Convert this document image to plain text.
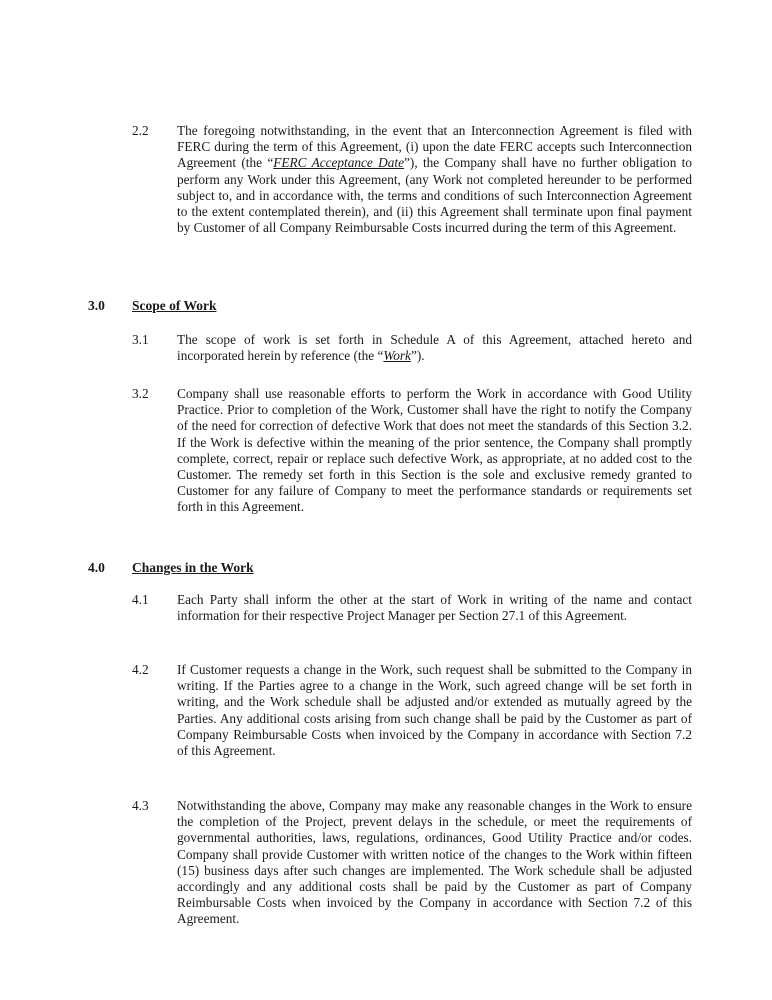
2.2	The foregoing notwithstanding, in the event that an Interconnection Agreement is filed with FERC during the term of this Agreement, (i) upon the date FERC accepts such Interconnection Agreement (the “FERC Acceptance Date”), the Company shall have no further obligation to perform any Work under this Agreement, (any Work not completed hereunder to be performed subject to, and in accordance with, the terms and conditions of such Interconnection Agreement to the extent contemplated therein), and (ii) this Agreement shall terminate upon final payment by Customer of all Company Reimbursable Costs incurred during the term of this Agreement.
3.0 Scope of Work
3.1	The scope of work is set forth in Schedule A of this Agreement, attached hereto and incorporated herein by reference (the “Work”).
3.2	Company shall use reasonable efforts to perform the Work in accordance with Good Utility Practice. Prior to completion of the Work, Customer shall have the right to notify the Company of the need for correction of defective Work that does not meet the standards of this Section 3.2. If the Work is defective within the meaning of the prior sentence, the Company shall promptly complete, correct, repair or replace such defective Work, as appropriate, at no added cost to the Customer. The remedy set forth in this Section is the sole and exclusive remedy granted to Customer for any failure of Company to meet the performance standards or requirements set forth in this Agreement.
4.0 Changes in the Work
4.1	Each Party shall inform the other at the start of Work in writing of the name and contact information for their respective Project Manager per Section 27.1 of this Agreement.
4.2	If Customer requests a change in the Work, such request shall be submitted to the Company in writing. If the Parties agree to a change in the Work, such agreed change will be set forth in writing, and the Work schedule shall be adjusted and/or extended as mutually agreed by the Parties. Any additional costs arising from such change shall be paid by the Customer as part of Company Reimbursable Costs when invoiced by the Company in accordance with Section 7.2 of this Agreement.
4.3	Notwithstanding the above, Company may make any reasonable changes in the Work to ensure the completion of the Project, prevent delays in the schedule, or meet the requirements of governmental authorities, laws, regulations, ordinances, Good Utility Practice and/or codes. Company shall provide Customer with written notice of the changes to the Work within fifteen (15) business days after such changes are implemented. The Work schedule shall be adjusted accordingly and any additional costs shall be paid by the Customer as part of Company Reimbursable Costs when invoiced by the Company in accordance with Section 7.2 of this Agreement.
